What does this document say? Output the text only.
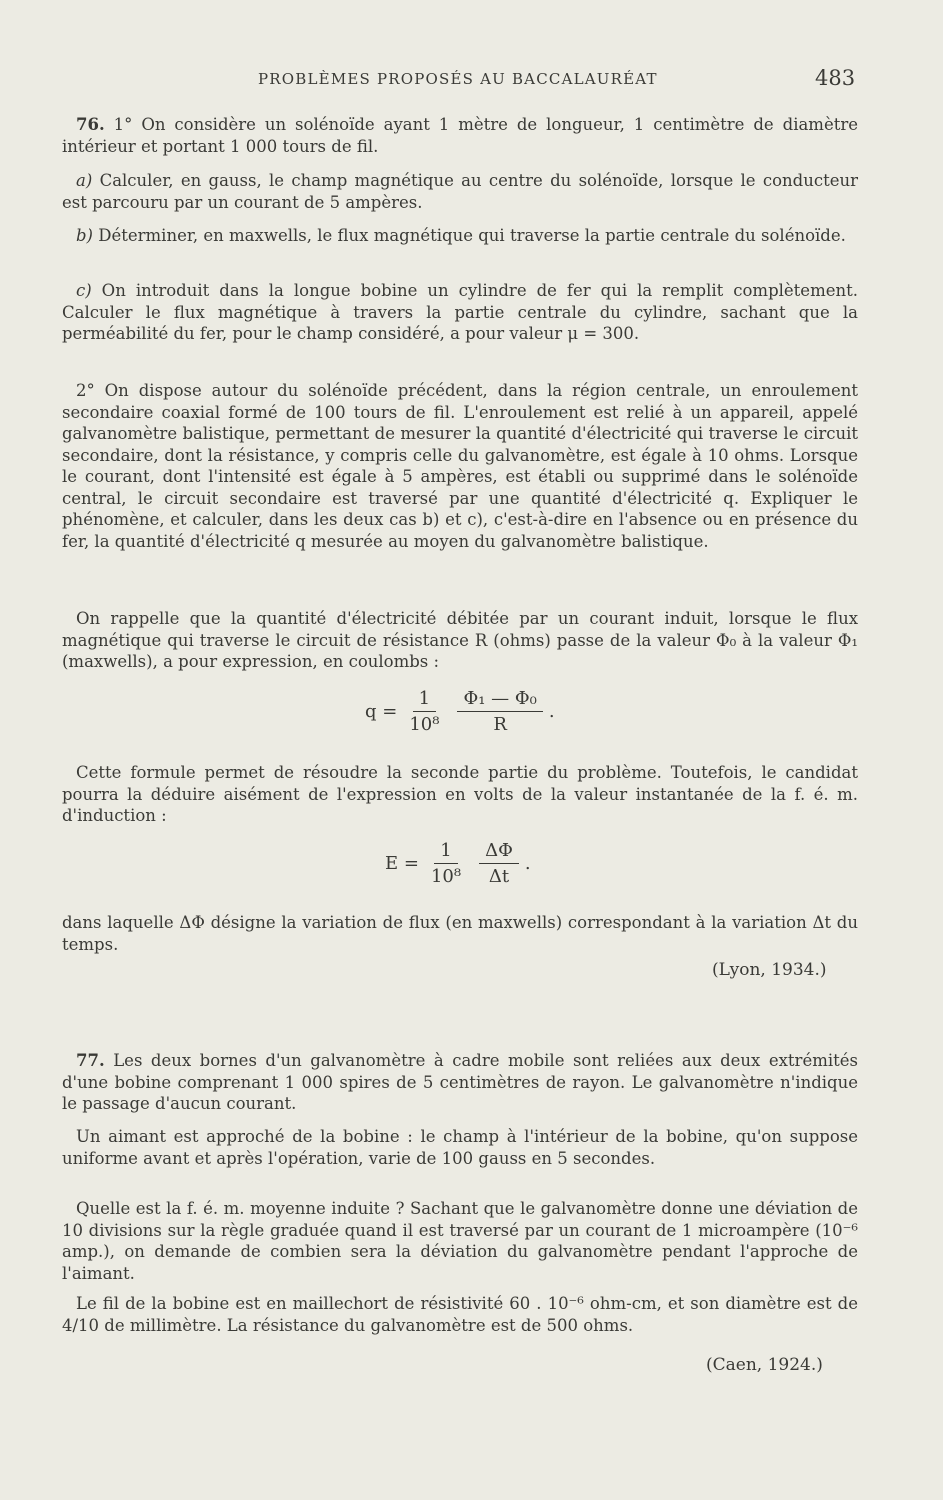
PROBLÈMES PROPOSÉS AU BACCALAURÉAT	483

76. 1° On considère un solénoïde ayant 1 mètre de longueur, 1 centimètre de diamètre intérieur et portant 1 000 tours de fil.

a) Calculer, en gauss, le champ magnétique au centre du solénoïde, lorsque le conducteur est parcouru par un courant de 5 ampères.

b) Déterminer, en maxwells, le flux magnétique qui traverse la partie centrale du solénoïde.

c) On introduit dans la longue bobine un cylindre de fer qui la remplit complètement. Calculer le flux magnétique à travers la partie centrale du cylindre, sachant que la perméabilité du fer, pour le champ considéré, a pour valeur μ = 300.

2° On dispose autour du solénoïde précédent, dans la région centrale, un enroulement secondaire coaxial formé de 100 tours de fil. L'enroulement est relié à un appareil, appelé galvanomètre balistique, permettant de mesurer la quantité d'électricité qui traverse le circuit secondaire, dont la résistance, y compris celle du galvanomètre, est égale à 10 ohms. Lorsque le courant, dont l'intensité est égale à 5 ampères, est établi ou supprimé dans le solénoïde central, le circuit secondaire est traversé par une quantité d'électricité q. Expliquer le phénomène, et calculer, dans les deux cas b) et c), c'est-à-dire en l'absence ou en présence du fer, la quantité d'électricité q mesurée au moyen du galvanomètre balistique.

On rappelle que la quantité d'électricité débitée par un courant induit, lorsque le flux magnétique qui traverse le circuit de résistance R (ohms) passe de la valeur Φ₀ à la valeur Φ₁ (maxwells), a pour expression, en coulombs :

$q = \frac{1}{\text{10⁸}} \frac{\text{Φ₁ — Φ₀}}{R}$ .

Cette formule permet de résoudre la seconde partie du problème. Toutefois, le candidat pourra la déduire aisément de l'expression en volts de la valeur instantanée de la f. é. m. d'induction :

$E = \frac{1}{\text{10⁸}} \frac{\Delta\Phi}{\Delta t}$ .

dans laquelle ΔΦ désigne la variation de flux (en maxwells) correspondant à la variation Δt du temps.

(Lyon, 1934.)

77. Les deux bornes d'un galvanomètre à cadre mobile sont reliées aux deux extrémités d'une bobine comprenant 1 000 spires de 5 centimètres de rayon. Le galvanomètre n'indique le passage d'aucun courant.

Un aimant est approché de la bobine : le champ à l'intérieur de la bobine, qu'on suppose uniforme avant et après l'opération, varie de 100 gauss en 5 secondes.

Quelle est la f. é. m. moyenne induite ? Sachant que le galvanomètre donne une déviation de 10 divisions sur la règle graduée quand il est traversé par un courant de 1 microampère (10⁻⁶ amp.), on demande de combien sera la déviation du galvanomètre pendant l'approche de l'aimant.

Le fil de la bobine est en maillechort de résistivité 60 . 10⁻⁶ ohm-cm, et son diamètre est de 4/10 de millimètre. La résistance du galvanomètre est de 500 ohms.

(Caen, 1924.)
